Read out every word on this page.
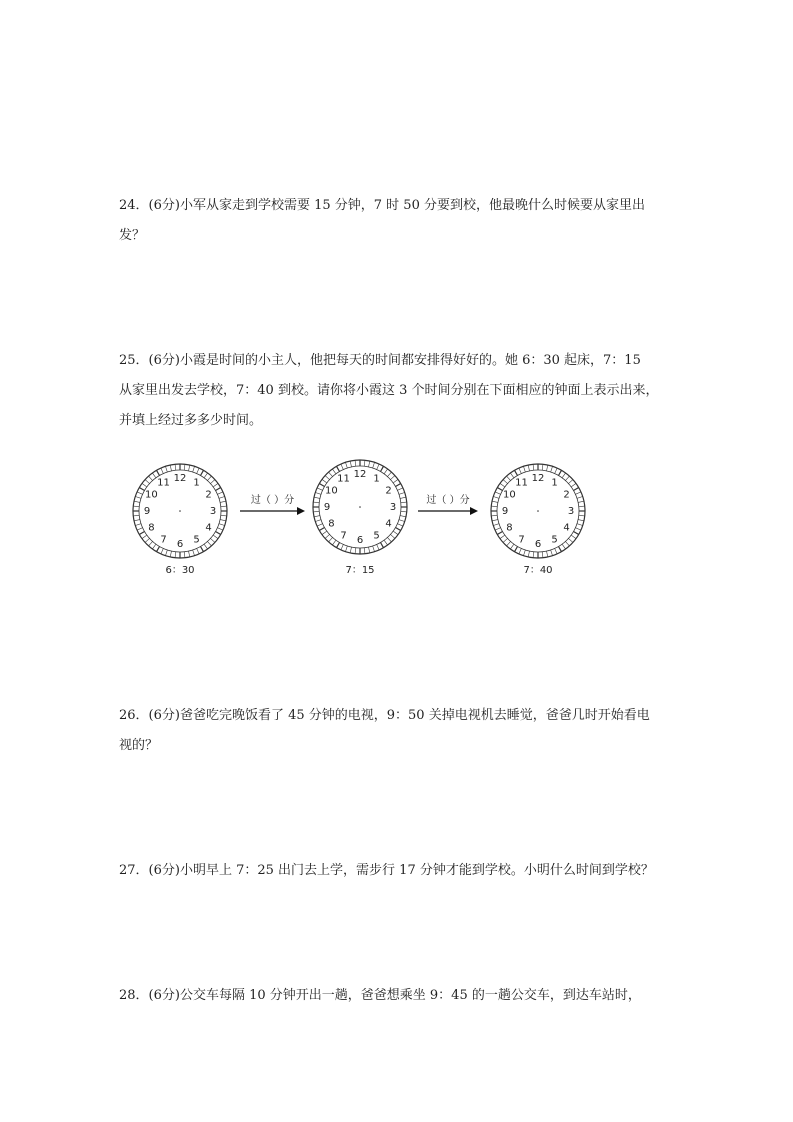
24．(6分)小军从家走到学校需要 15 分钟，7 时 50 分要到校，他最晚什么时候要从家里出

发？

25．(6分)小霞是时间的小主人，他把每天的时间都安排得好好的。她 6：30 起床，7：15

从家里出发去学校，7：40 到校。请你将小霞这 3 个时间分别在下面相应的钟面上表示出来，

并填上经过多多少时间。

12 1
2
3
4
5
6
7
8
9
10
11
6：30
12 1
2
3
4
5
6
7
8
9
10
11
7：15
12 1
2
3
4
5
6
7
8
9
10
11
7：40
过（ ）分	过（ ）分

26．(6分)爸爸吃完晚饭看了 45 分钟的电视，9：50 关掉电视机去睡觉，爸爸几时开始看电

视的？

27．(6分)小明早上 7：25 出门去上学，需步行 17 分钟才能到学校。小明什么时间到学校？

28．(6分)公交车每隔 10 分钟开出一趟，爸爸想乘坐 9：45 的一趟公交车，到达车站时，
